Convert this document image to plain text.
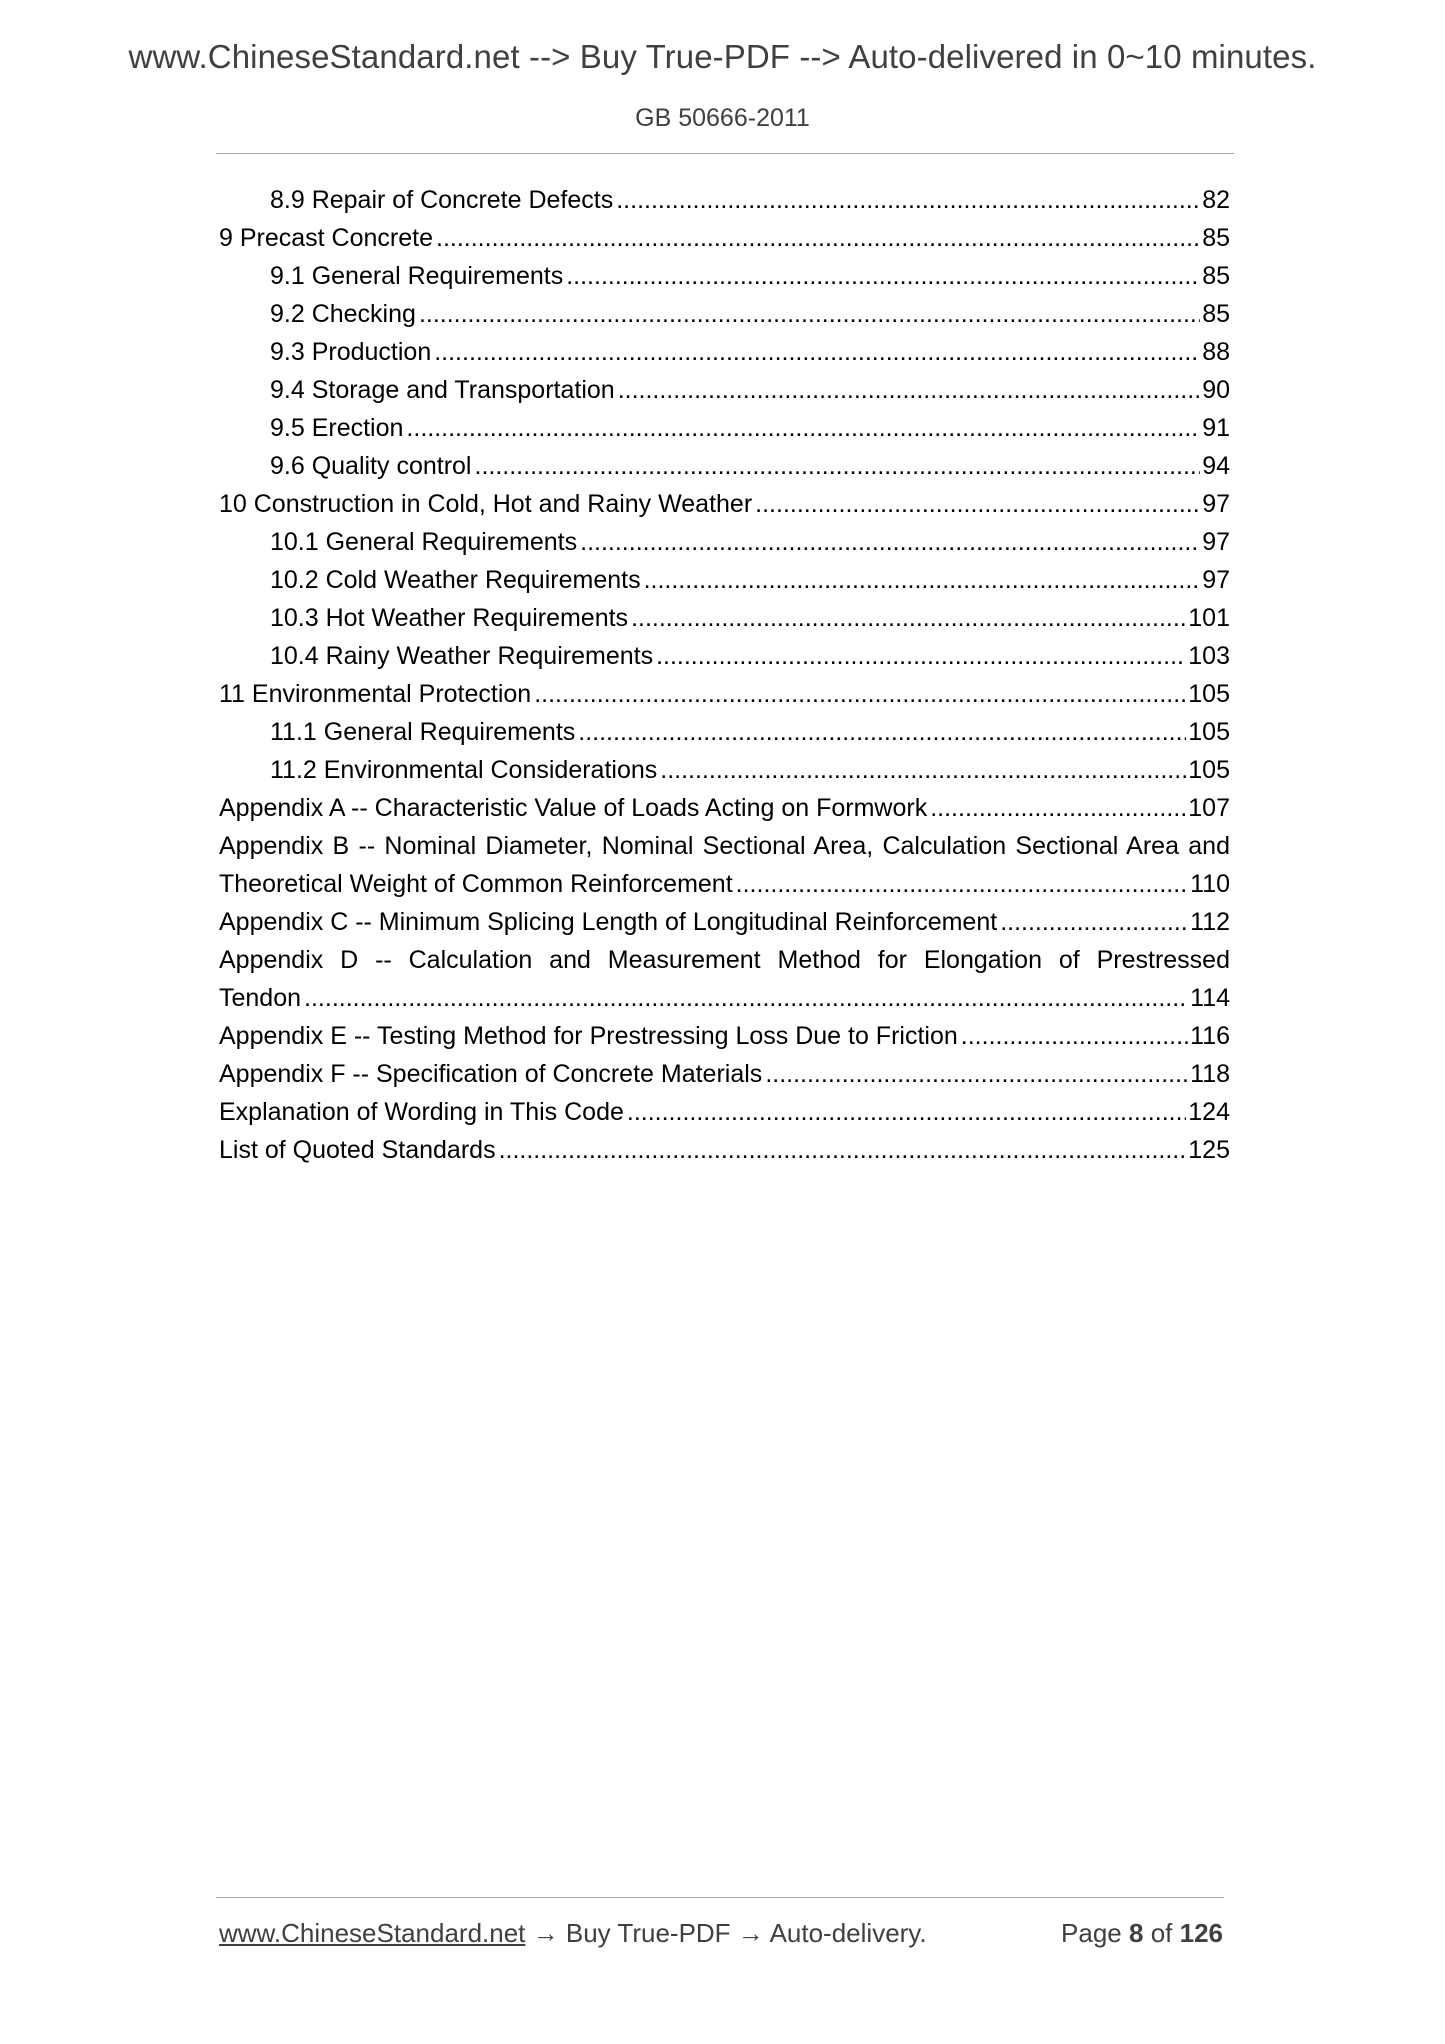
www.ChineseStandard.net --> Buy True-PDF --> Auto-delivered in 0~10 minutes.
GB 50666-2011
8.9 Repair of Concrete Defects .....	82
9 Precast Concrete .....	85
9.1 General Requirements .....	85
9.2 Checking .....	85
9.3 Production .....	88
9.4 Storage and Transportation .....	90
9.5 Erection .....	91
9.6 Quality control .....	94
10 Construction in Cold, Hot and Rainy Weather .....	97
10.1 General Requirements .....	97
10.2 Cold Weather Requirements .....	97
10.3 Hot Weather Requirements .....	101
10.4 Rainy Weather Requirements .....	103
11 Environmental Protection .....	105
11.1 General Requirements .....	105
11.2 Environmental Considerations .....	105
Appendix A -- Characteristic Value of Loads Acting on Formwork .....	107
Appendix B -- Nominal Diameter, Nominal Sectional Area, Calculation Sectional Area and
Theoretical Weight of Common Reinforcement .....	110
Appendix C -- Minimum Splicing Length of Longitudinal Reinforcement .....	112
Appendix D -- Calculation and Measurement Method for Elongation of Prestressed
Tendon .....	114
Appendix E -- Testing Method for Prestressing Loss Due to Friction .....	116
Appendix F -- Specification of Concrete Materials .....	118
Explanation of Wording in This Code .....	124
List of Quoted Standards .....	125
www.ChineseStandard.net → Buy True-PDF → Auto-delivery.	Page 8 of 126
